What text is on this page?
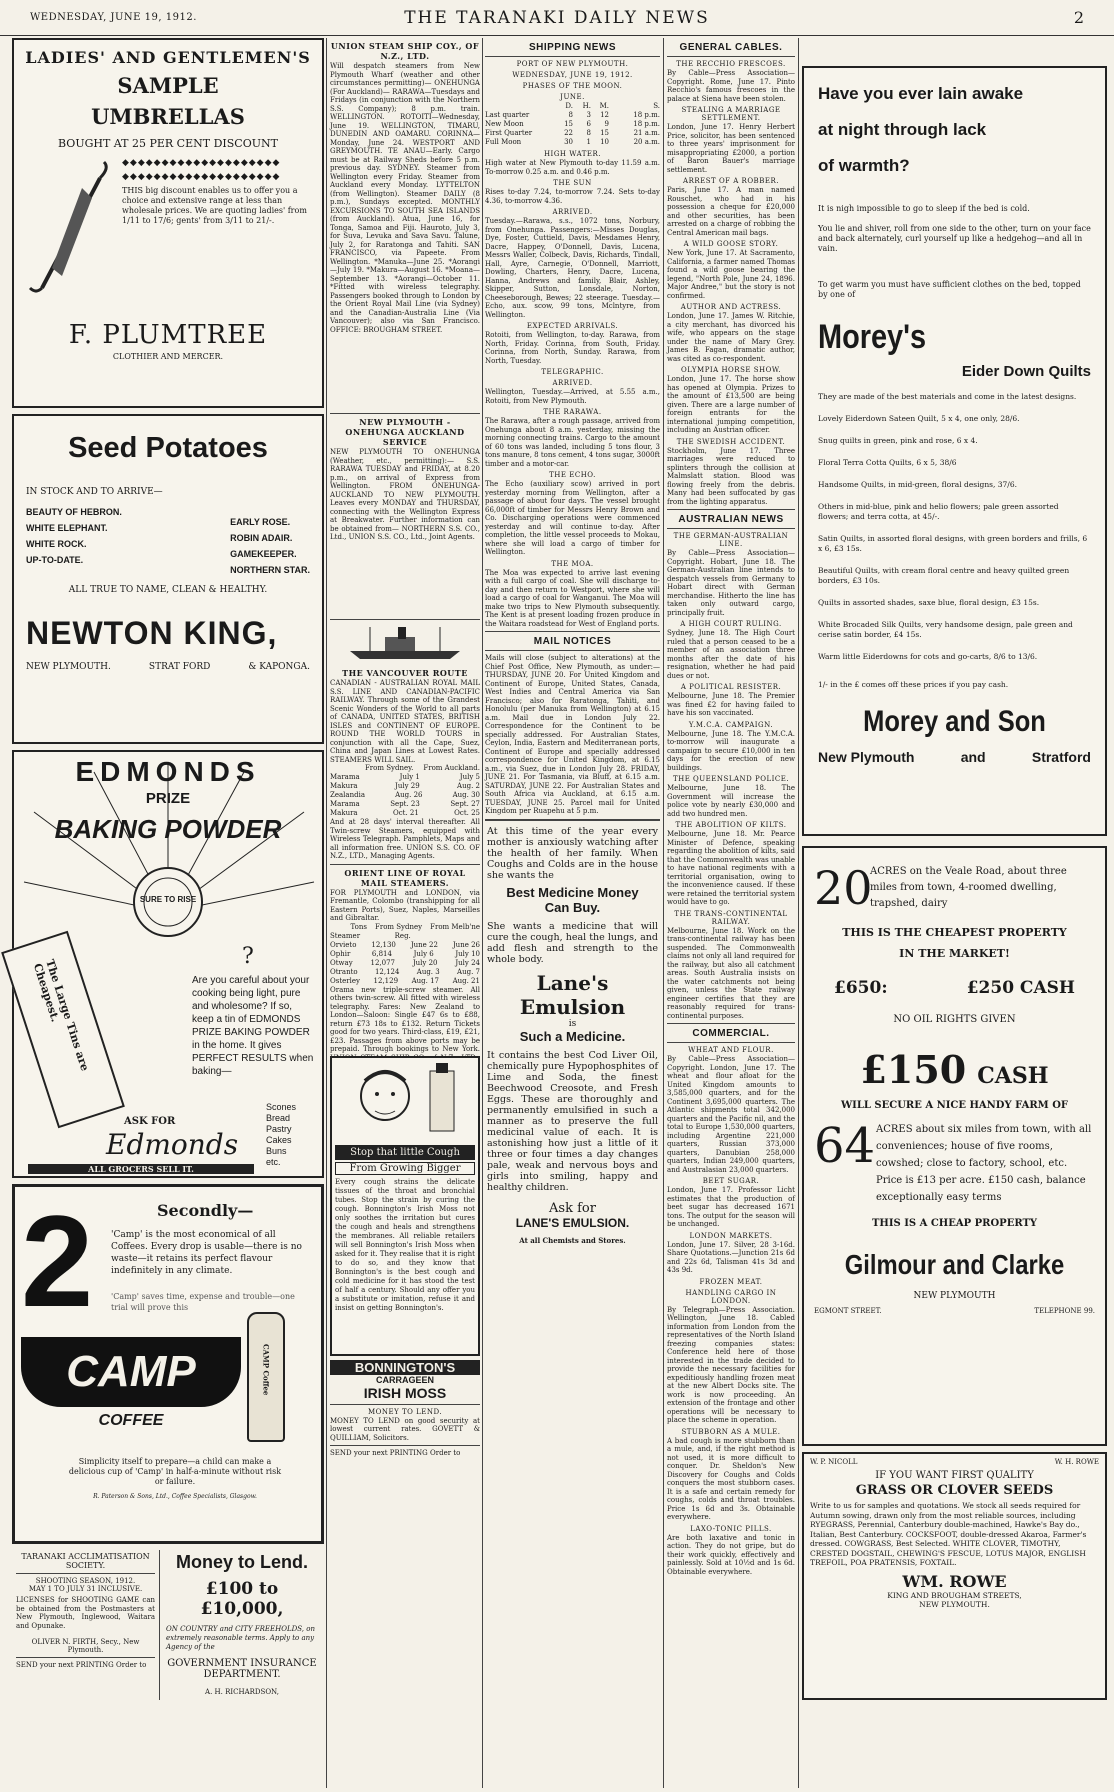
WEDNESDAY, JUNE 19, 1912.	THE TARANAKI DAILY NEWS	2
LADIES' AND GENTLEMEN'S
SAMPLE
UMBRELLAS
BOUGHT AT 25 PER CENT DISCOUNT
◆◆◆◆◆◆◆◆◆◆◆◆◆◆◆◆◆◆◆◆
◆◆◆◆◆◆◆◆◆◆◆◆◆◆◆◆◆◆◆◆

THIS big discount enables us to offer you a choice and extensive range at less than wholesale prices. We are quoting ladies' from 1/11 to 17/6; gents' from 3/11 to 21/-.

F. PLUMTREE
CLOTHIER AND MERCER.
Seed Potatoes
IN STOCK AND TO ARRIVE—
BEAUTY OF HEBRON.
WHITE ELEPHANT.
WHITE ROCK.
UP-TO-DATE.
EARLY ROSE.
ROBIN ADAIR.
GAMEKEEPER.
NORTHERN STAR.
ALL TRUE TO NAME, CLEAN & HEALTHY.
NEWTON KING,
NEW PLYMOUTH.	STRAT FORD	& KAPONGA.
EDMONDS
PRIZE
BAKING POWDER
SURE TO RISE
The Large Tins are Cheapest.
?

Are you careful about your cooking being light, pure and wholesome? If so, keep a tin of EDMONDS PRIZE BAKING POWDER in the home. It gives PERFECT RESULTS when baking—

Scones
Bread
Pastry
Cakes
Buns
etc.
ASK FOR
Edmonds
ALL GROCERS SELL IT.
2	Secondly—

'Camp' is the most economical of all Coffees. Every drop is usable—there is no waste—it retains its perfect flavour indefinitely in any climate.

'Camp' saves time, expense and trouble—one trial will prove this

CAMP
COFFEE
CAMP Coffee

Simplicity itself to prepare—a child can make a delicious cup of 'Camp' in half-a-minute without risk or failure.

R. Paterson & Sons, Ltd., Coffee Specialists, Glasgow.
TARANAKI ACCLIMATISATION SOCIETY.
SHOOTING SEASON, 1912.
MAY 1 TO JULY 31 INCLUSIVE.

LICENSES for SHOOTING GAME can be obtained from the Postmasters at New Plymouth, Inglewood, Waitara and Opunake.

OLIVER N. FIRTH, Secy., New Plymouth.
SEND your next PRINTING Order to
Money to Lend.
£100 to £10,000,

ON COUNTRY and CITY FREEHOLDS, on extremely reasonable terms. Apply to any Agency of the

GOVERNMENT INSURANCE
DEPARTMENT.
A. H. RICHARDSON,
UNION STEAM SHIP COY., OF N.Z., LTD.

Will despatch steamers from New Plymouth Wharf (weather and other circumstances permitting)— ONEHUNGA (For Auckland)— RARAWA—Tuesdays and Fridays (in conjunction with the Northern S.S. Company); 8 p.m. train. WELLINGTON. ROTOITI—Wednesday, June 19. WELLINGTON, TIMARU, DUNEDIN AND OAMARU. CORINNA—Monday, June 24. WESTPORT AND GREYMOUTH. TE ANAU—Early. Cargo must be at Railway Sheds before 5 p.m. previous day. SYDNEY. Steamer from Wellington every Friday. Steamer from Auckland every Monday. LYTTELTON (from Wellington). Steamer DAILY (8 p.m.), Sundays excepted. MONTHLY EXCURSIONS TO SOUTH SEA ISLANDS (from Auckland). Atua, June 16, for Tonga, Samoa and Fiji. Hauroto, July 3, for Suva, Levuka and Sava Savu. Talune, July 2, for Raratonga and Tahiti. SAN FRANCISCO, via Papeete. From Wellington. *Manuka—June 25. *Aorangi—July 19. *Makura—August 16. *Moana—September 13. *Aorangi—October 11. *Fitted with wireless telegraphy. Passengers booked through to London by the Orient Royal Mail Line (via Sydney) and the Canadian-Australia Line (Via Vancouver); also via San Francisco. OFFICE: BROUGHAM STREET.

NEW PLYMOUTH - ONEHUNGA AUCKLAND SERVICE

NEW PLYMOUTH TO ONEHUNGA (Weather, etc., permitting):— S.S. RARAWA TUESDAY and FRIDAY, at 8.20 p.m., on arrival of Express from Wellington. FROM ONEHUNGA-AUCKLAND TO NEW PLYMOUTH. Leaves every MONDAY and THURSDAY, connecting with the Wellington Express at Breakwater. Further information can be obtained from— NORTHERN S.S. CO., Ltd., UNION S.S. CO., Ltd., Joint Agents.

THE VANCOUVER ROUTE

CANADIAN - AUSTRALIAN ROYAL MAIL S.S. LINE AND CANADIAN-PACIFIC RAILWAY. Through some of the Grandest Scenic Wonders of the World to all parts of CANADA, UNITED STATES, BRITISH ISLES and CONTINENT OF EUROPE. ROUND THE WORLD TOURS in conjunction with all the Cape, Suez, China and Japan Lines at Lowest Rates. STEAMERS WILL SAIL.

From Sydney. From Auckland.
Marama	July 1	July 5
Makura	July 29	Aug. 2
Zealandia	Aug. 26	Aug. 30
Marama	Sept. 23	Sept. 27
Makura	Oct. 21	Oct. 25

And at 28 days' interval thereafter. All Twin-screw Steamers, equipped with Wireless Telegraph. Pamphlets, Maps and all information free. UNION S.S. CO. OF N.Z., LTD., Managing Agents.

ORIENT LINE OF ROYAL MAIL STEAMERS.

FOR PLYMOUTH and LONDON, via Fremantle, Colombo (transhipping for all Eastern Ports), Suez, Naples, Marseilles and Gibraltar.

Tons From Sydney From Melb'ne
Steamer	Reg.
Orvieto 12,130 June 22 June 26
Ophir	6,814	July 6	July 10
Otway	12,077	July 20	July 24
Otranto 12,124 Aug. 3 Aug. 7
Osterley 12,129 Aug. 17 Aug. 21

Orama new triple-screw steamer. All others twin-screw. All fitted with wireless telegraphy. Fares: New Zealand to London—Saloon: Single £47 6s to £88, return £73 18s to £132. Return Tickets good for two years. Third-class, £19, £21, £23. Passages from above ports may be prepaid. Through bookings to New York.

Stop that little Cough
From Growing Bigger

Every cough strains the delicate tissues of the throat and bronchial tubes. Stop the strain by curing the cough. Bonnington's Irish Moss not only soothes the irritation but cures the cough and heals and strengthens the membranes. All reliable retailers will sell Bonnington's Irish Moss when asked for it. They realise that it is right to do so, and they know that Bonnington's is the best cough and cold medicine for it has stood the test of half a century. Should any offer you a substitute or imitation, refuse it and insist on getting Bonnington's.

BONNINGTON'S
CARRAGEEN
IRISH MOSS
MONEY TO LEND.

MONEY TO LEND on good security at lowest current rates. GOVETT & QUILLIAM, Solicitors.

SEND your next PRINTING Order to
SHIPPING NEWS
PORT OF NEW PLYMOUTH.
WEDNESDAY, JUNE 19, 1912.
PHASES OF THE MOON.
JUNE.
D.	H.	M.	S.
Last quarter	8	3	12	18 p.m.
New Moon	15	6	9	18 p.m.
First Quarter	22	8	15	21 a.m.
Full Moon	30	1	10	20 a.m.
HIGH WATER.

High water at New Plymouth to-day 11.59 a.m. To-morrow 0.25 a.m. and 0.46 p.m.

THE SUN

Rises to-day 7.24, to-morrow 7.24. Sets to-day 4.36, to-morrow 4.36.

ARRIVED.

Tuesday.—Rarawa, s.s., 1072 tons, Norbury, from Onehunga. Passengers:—Misses Douglas, Dye, Foster, Cuttield, Davis, Mesdames Henry, Dacre, Happey, O'Donnell, Davis, Lucena, Messrs Waller, Colbeck, Davis, Richards, Tindall, Hall, Ayre, Carnegie, O'Donnell, Marriott, Dowling, Charters, Henry, Dacre, Lucena, Hanna, Andrews and family, Blair, Ashley, Skipper, Sutton, Lonsdale, Norton, Cheeseborough, Bewes; 22 steerage. Tuesday.—Echo, aux. scow, 99 tons, Mclntyre, from Wellington.

EXPECTED ARRIVALS.

Rotoiti, from Wellington, to-day. Rarawa, from North, Friday. Corinna, from South, Friday. Corinna, from North, Sunday. Rarawa, from North, Tuesday.

TELEGRAPHIC.
ARRIVED.

Wellington, Tuesday.—Arrived, at 5.55 a.m., Rotoiti, from New Plymouth.

THE RARAWA.

The Rarawa, after a rough passage, arrived from Onehunga about 8 a.m. yesterday, missing the morning connecting trains. Cargo to the amount of 60 tons was landed, including 5 tons flour, 3 tons manure, 8 tons cement, 4 tons sugar, 3000ft timber and a motor-car.

THE ECHO.

The Echo (auxiliary scow) arrived in port yesterday morning from Wellington, after a passage of about four days. The vessel brought 66,000ft of timber for Messrs Henry Brown and Co. Discharging operations were commenced yesterday and will continue to-day. After completion, the little vessel proceeds to Mokau, where she will load a cargo of timber for Wellington.

THE MOA.

The Moa was expected to arrive last evening with a full cargo of coal. She will discharge to-day and then return to Westport, where she will load a cargo of coal for Wanganui. The Moa will make two trips to New Plymouth subsequently. The Kent is at present loading frozen produce in the Waitara roadstead for West of England ports.

MAIL NOTICES

Mails will close (subject to alterations) at the Chief Post Office, New Plymouth, as under:— THURSDAY, JUNE 20. For United Kingdom and Continent of Europe, United States, Canada, West Indies and Central America via San Francisco; also for Raratonga, Tahiti, and Honolulu (per Manuka from Wellington) at 6.15 a.m. Mail due in London July 22. Correspondence for the Continent to be specially addressed. For Australian States, Ceylon, India, Eastern and Mediterranean ports, Continent of Europe and specially addressed correspondence for United Kingdom, at 6.15 a.m., via Suez, due in London July 28. FRIDAY, JUNE 21. For Tasmania, via Bluff, at 6.15 a.m. SATURDAY, JUNE 22. For Australian States and South Africa via Auckland, at 6.15 a.m. TUESDAY, JUNE 25. Parcel mail for United Kingdom per Ruapehu at 5 p.m.

At this time of the year every mother is anxiously watching after the health of her family. When Coughs and Colds are in the house she wants the

Best Medicine Money
Can Buy.

She wants a medicine that will cure the cough, heal the lungs, and add flesh and strength to the whole body.

Lane's
Emulsion
is
Such a Medicine.

It contains the best Cod Liver Oil, chemically pure Hypophosphites of Lime and Soda, the finest Beechwood Creosote, and Fresh Eggs. These are thoroughly and permanently emulsified in such a manner as to preserve the full medicinal value of each. It is astonishing how just a little of it three or four times a day changes pale, weak and nervous boys and girls into smiling, happy and healthy children.

Ask for
LANE'S EMULSION.
At all Chemists and Stores.
GENERAL CABLES.
THE RECCHIO FRESCOES.

By Cable—Press Association—Copyright. Rome, June 17. Pinto Recchio's famous frescoes in the palace at Siena have been stolen.

STEALING A MARRIAGE SETTLEMENT.

London, June 17. Henry Herbert Price, solicitor, has been sentenced to three years' imprisonment for misappropriating £2000, a portion of Baron Bauer's marriage settlement.

ARREST OF A ROBBER.

Paris, June 17. A man named Rouschet, who had in his possession a cheque for £20,000 and other securities, has been arrested on a charge of robbing the Central American mail bags.

A WILD GOOSE STORY.

New York, June 17. At Sacramento, California, a farmer named Thomas found a wild goose bearing the legend, "North Pole, June 24, 1896. Major Andree," but the story is not confirmed.

AUTHOR AND ACTRESS.

London, June 17. James W. Ritchie, a city merchant, has divorced his wife, who appears on the stage under the name of Mary Grey. James B. Fagan, dramatic author, was cited as co-respondent.

OLYMPIA HORSE SHOW.

London, June 17. The horse show has opened at Olympia. Prizes to the amount of £13,500 are being given. There are a large number of foreign entrants for the international jumping competition, including an Austrian officer.

THE SWEDISH ACCIDENT.

Stockholm, June 17. Three marriages were reduced to splinters through the collision at Malmslatt station. Blood was flowing freely from the debris. Many had been suffocated by gas from the lighting apparatus.

AUSTRALIAN NEWS
THE GERMAN-AUSTRALIAN LINE.

By Cable—Press Association—Copyright. Hobart, June 18. The German-Australian line intends to despatch vessels from Germany to Hobart direct with German merchandise. Hitherto the line has taken only outward cargo, principally fruit.

A HIGH COURT RULING.

Sydney, June 18. The High Court ruled that a person ceased to be a member of an association three months after the date of his resignation, whether he had paid dues or not.

A POLITICAL RESISTER.

Melbourne, June 18. The Premier was fined £2 for having failed to have his son vaccinated.

Y.M.C.A. CAMPAIGN.

Melbourne, June 18. The Y.M.C.A. to-morrow will inaugurate a campaign to secure £10,000 in ten days for the erection of new buildings.

THE QUEENSLAND POLICE.

Melbourne, June 18. The Government will increase the police vote by nearly £30,000 and add two hundred men.

THE ABOLITION OF KILTS.

Melbourne, June 18. Mr. Pearce Minister of Defence, speaking regarding the abolition of kilts, said that the Commonwealth was unable to have national regiments with a territorial organisation, owing to the inconvenience caused. If these were retained the territorial system would have to go.

THE TRANS-CONTINENTAL RAILWAY.

Melbourne, June 18. Work on the trans-continental railway has been suspended. The Commonwealth claims not only all land required for the railway, but also all catchment areas. South Australia insists on the water catchments not being given, unless the State railway engineer certifies that they are reasonably required for trans-continental purposes.

COMMERCIAL.
WHEAT AND FLOUR.

By Cable—Press Association—Copyright. London, June 17. The wheat and flour afloat for the United Kingdom amounts to 3,585,000 quarters, and for the Continent 3,695,000 quarters. The Atlantic shipments total 342,000 quarters and the Pacific nil, and the total to Europe 1,530,000 quarters, including Argentine 221,000 quarters, Russian 373,000 quarters, Danubian 258,000 quarters, Indian 249,000 quarters, and Australasian 23,000 quarters.

BEET SUGAR.

London, June 17. Professor Licht estimates that the production of beet sugar has decreased 1671 tons. The output for the season will be unchanged.

LONDON MARKETS.

London, June 17. Silver, 28 3-16d. Share Quotations.—Junction 21s 6d and 22s 6d, Talisman 41s 3d and 43s 9d.

FROZEN MEAT.
HANDLING CARGO IN LONDON.

By Telegraph—Press Association. Wellington, June 18. Cabled information from London from the representatives of the North Island freezing companies states: Conference held here of those interested in the trade decided to provide the necessary facilities for expeditiously handling frozen meat at the new Albert Docks site. The work is now proceeding. An extension of the frontage and other operations will be necessary to place the scheme in operation.

STUBBORN AS A MULE.

A bad cough is more stubborn than a mule, and, if the right method is not used, it is more difficult to conquer. Dr. Sheldon's New Discovery for Coughs and Colds conquers the most stubborn cases. It is a safe and certain remedy for coughs, colds and throat troubles. Price 1s 6d and 3s. Obtainable everywhere.

LAXO-TONIC PILLS.

Are both laxative and tonic in action. They do not gripe, but do their work quickly, effectively and painlessly. Sold at 10½d and 1s 6d. Obtainable everywhere.

Have you ever lain awake
at night through lack
of warmth?

It is nigh impossible to go to sleep if the bed is cold.

You lie and shiver, roll from one side to the other, turn on your face and back alternately, curl yourself up like a hedgehog—and all in vain.

To get warm you must have sufficient clothes on the bed, topped by one of

Morey's
Eider Down Quilts

They are made of the best materials and come in the latest designs.

Lovely Eiderdown Sateen Quilt, 5 x 4, one only, 28/6.
Snug quilts in green, pink and rose, 6 x 4.
Floral Terra Cotta Quilts, 6 x 5, 38/6
Handsome Quilts, in mid-green, floral designs, 37/6.
Others in mid-blue, pink and helio flowers; pale green assorted flowers; and terra cotta, at 45/-.
Satin Quilts, in assorted floral designs, with green borders and frills, 6 x 6, £3 15s.
Beautiful Quilts, with cream floral centre and heavy quilted green borders, £3 10s.
Quilts in assorted shades, saxe blue, floral design, £3 15s.
White Brocaded Silk Quilts, very handsome design, pale green and cerise satin border, £4 15s.
Warm little Eiderdowns for cots and go-carts, 8/6 to 13/6.
1/- in the £ comes off these prices if you pay cash.
Morey and Son
New Plymouth	and	Stratford
20

ACRES on the Veale Road, about three miles from town, 4-roomed dwelling, trapshed, dairy

THIS IS THE CHEAPEST PROPERTY
IN THE MARKET!
£650:	£250 CASH
NO OIL RIGHTS GIVEN
£150 CASH
WILL SECURE A NICE HANDY FARM OF
64 ACRES about six miles from town, with all conveniences; house of five rooms, cowshed; close to factory, school, etc. Price is £13 per acre. £150 cash, balance exceptionally easy terms

THIS IS A CHEAP PROPERTY
Gilmour and Clarke
NEW PLYMOUTH
EGMONT STREET.	TELEPHONE 99.
W. P. NICOLL	W. H. ROWE
IF YOU WANT FIRST QUALITY
GRASS OR CLOVER SEEDS

Write to us for samples and quotations. We stock all seeds required for Autumn sowing, drawn only from the most reliable sources, including RYEGRASS, Perennial, Canterbury double-machined, Hawke's Bay do., Italian, Best Canterbury. COCKSFOOT, double-dressed Akaroa, Farmer's dressed. COWGRASS, Best Selected. WHITE CLOVER, TIMOTHY, CRESTED DOGSTAIL, CHEWING'S FESCUE, LOTUS MAJOR, ENGLISH TREFOIL, POA PRATENSIS, FOXTAIL.

WM. ROWE
KING AND BROUGHAM STREETS,
NEW PLYMOUTH.
